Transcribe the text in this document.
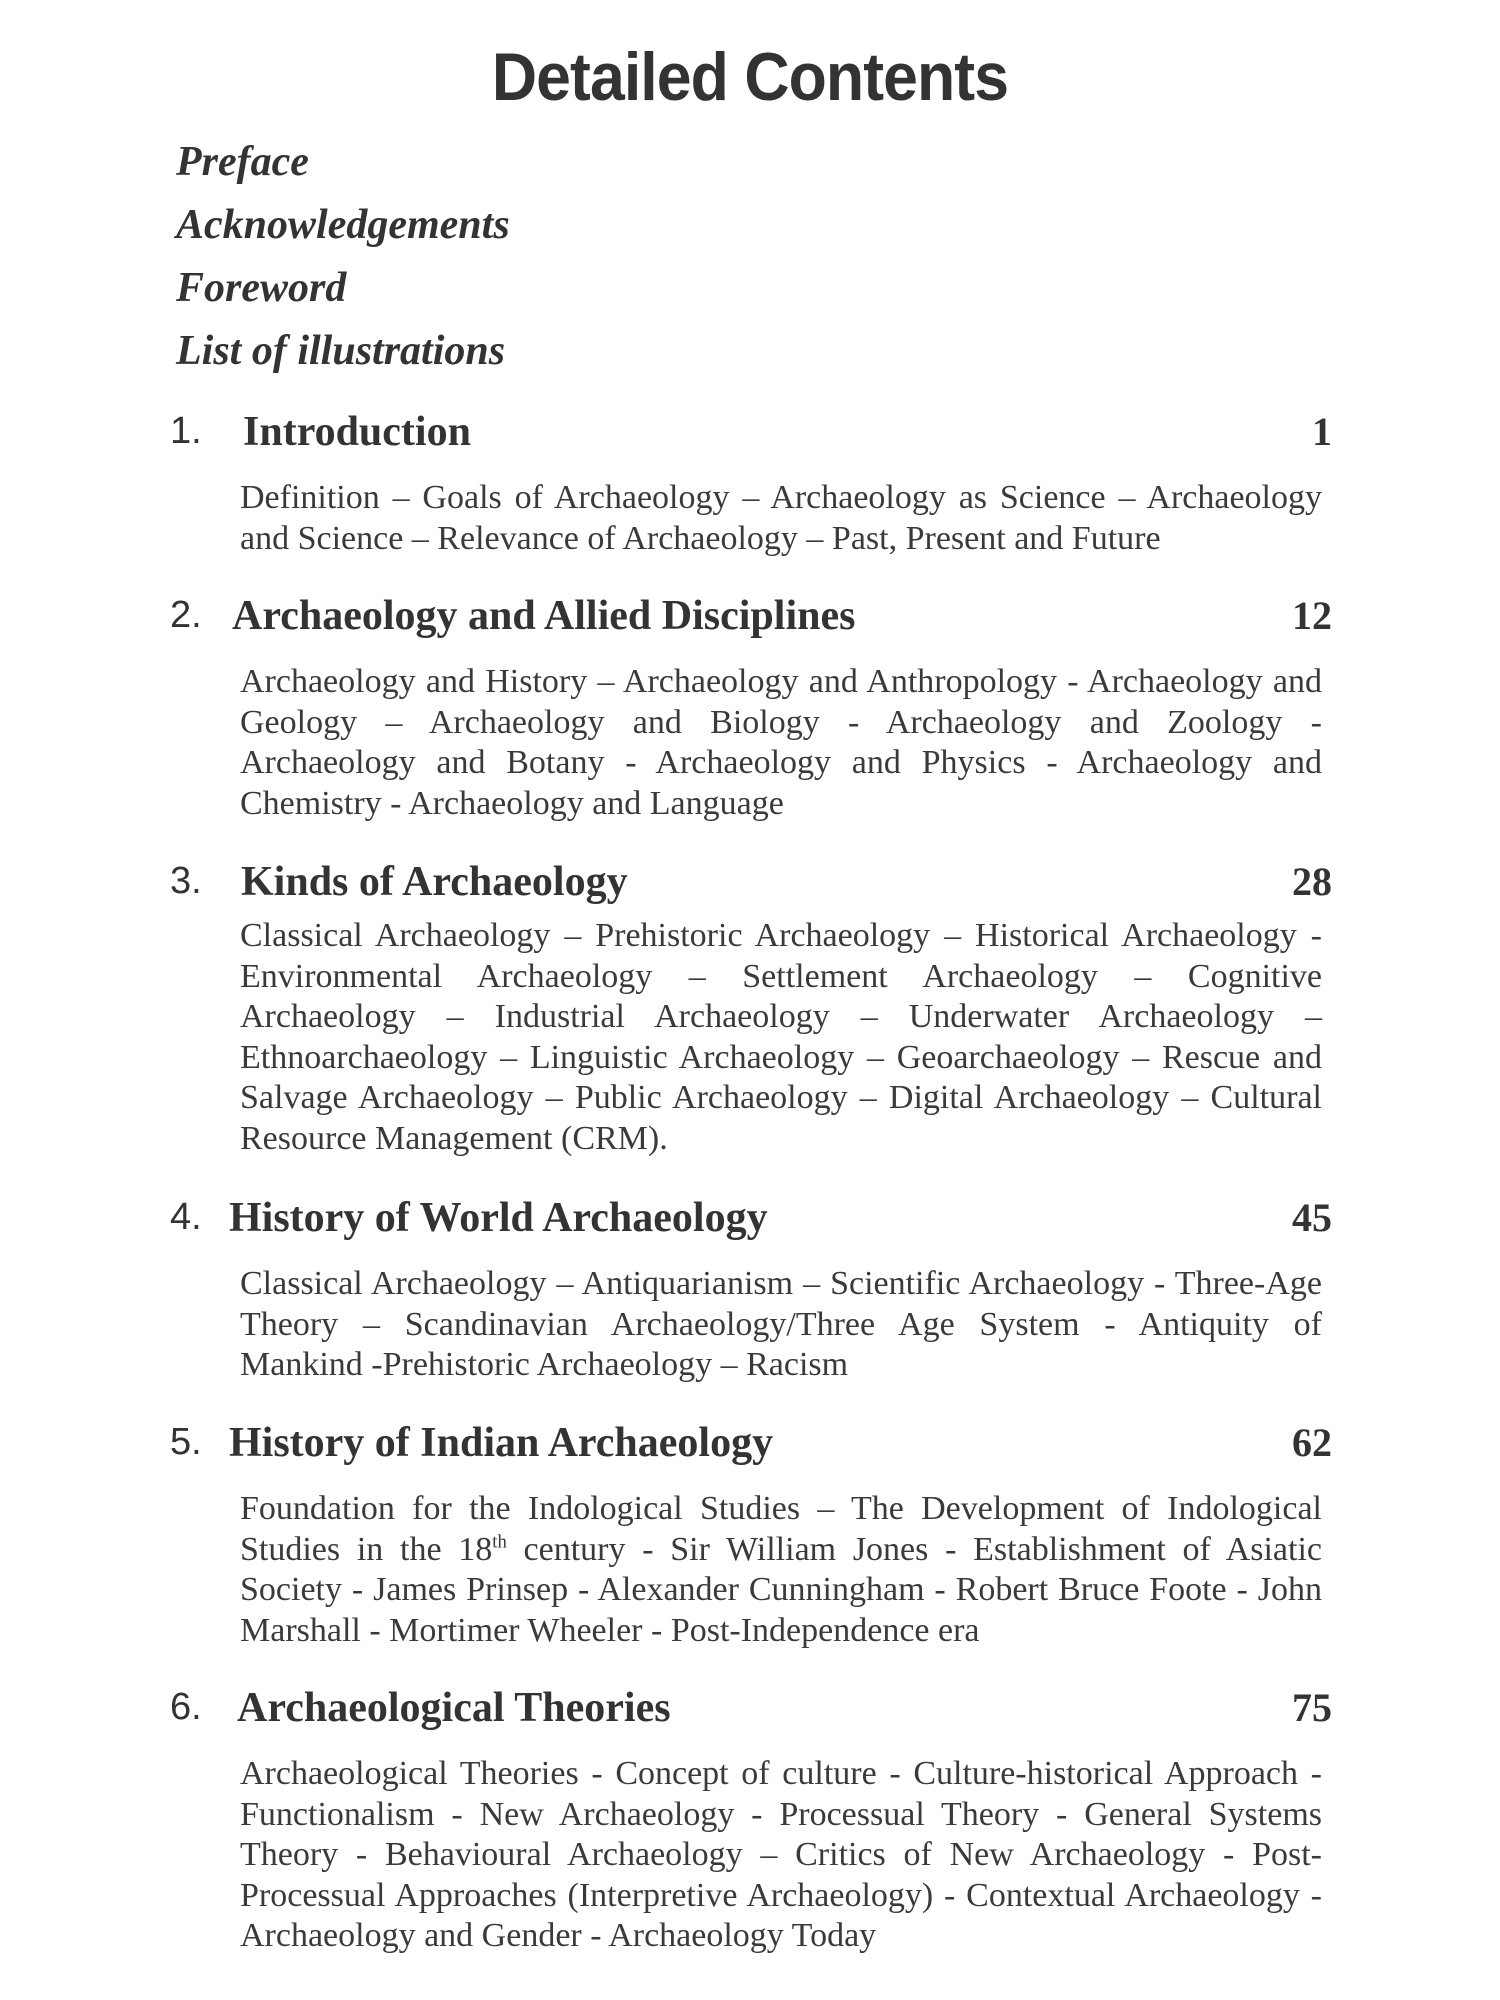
Detailed Contents
Preface
Acknowledgements
Foreword
List of illustrations
1. Introduction	1
Definition – Goals of Archaeology – Archaeology as Science – Archaeology and Science – Relevance of Archaeology – Past, Present and Future
2. Archaeology and Allied Disciplines	12
Archaeology and History – Archaeology and Anthropology - Archaeology and Geology – Archaeology and Biology - Archaeology and Zoology - Archaeology and Botany - Archaeology and Physics - Archaeology and Chemistry - Archaeology and Language
3. Kinds of Archaeology	28
Classical Archaeology – Prehistoric Archaeology – Historical Archaeology - Environmental Archaeology – Settlement Archaeology – Cognitive Archaeology – Industrial Archaeology – Underwater Archaeology – Ethnoarchaeology – Linguistic Archaeology – Geoarchaeology – Rescue and Salvage Archaeology – Public Archaeology – Digital Archaeology – Cultural Resource Management (CRM).
4. History of World Archaeology	45
Classical Archaeology – Antiquarianism – Scientific Archaeology - Three-Age Theory – Scandinavian Archaeology/Three Age System - Antiquity of Mankind -Prehistoric Archaeology – Racism
5. History of Indian Archaeology	62
Foundation for the Indological Studies – The Development of Indological Studies in the 18th century - Sir William Jones - Establishment of Asiatic Society - James Prinsep - Alexander Cunningham - Robert Bruce Foote - John Marshall - Mortimer Wheeler - Post-Independence era
6. Archaeological Theories	75
Archaeological Theories - Concept of culture - Culture-historical Approach - Functionalism - New Archaeology - Processual Theory - General Systems Theory - Behavioural Archaeology – Critics of New Archaeology - Post-Processual Approaches (Interpretive Archaeology) - Contextual Archaeology - Archaeology and Gender - Archaeology Today
